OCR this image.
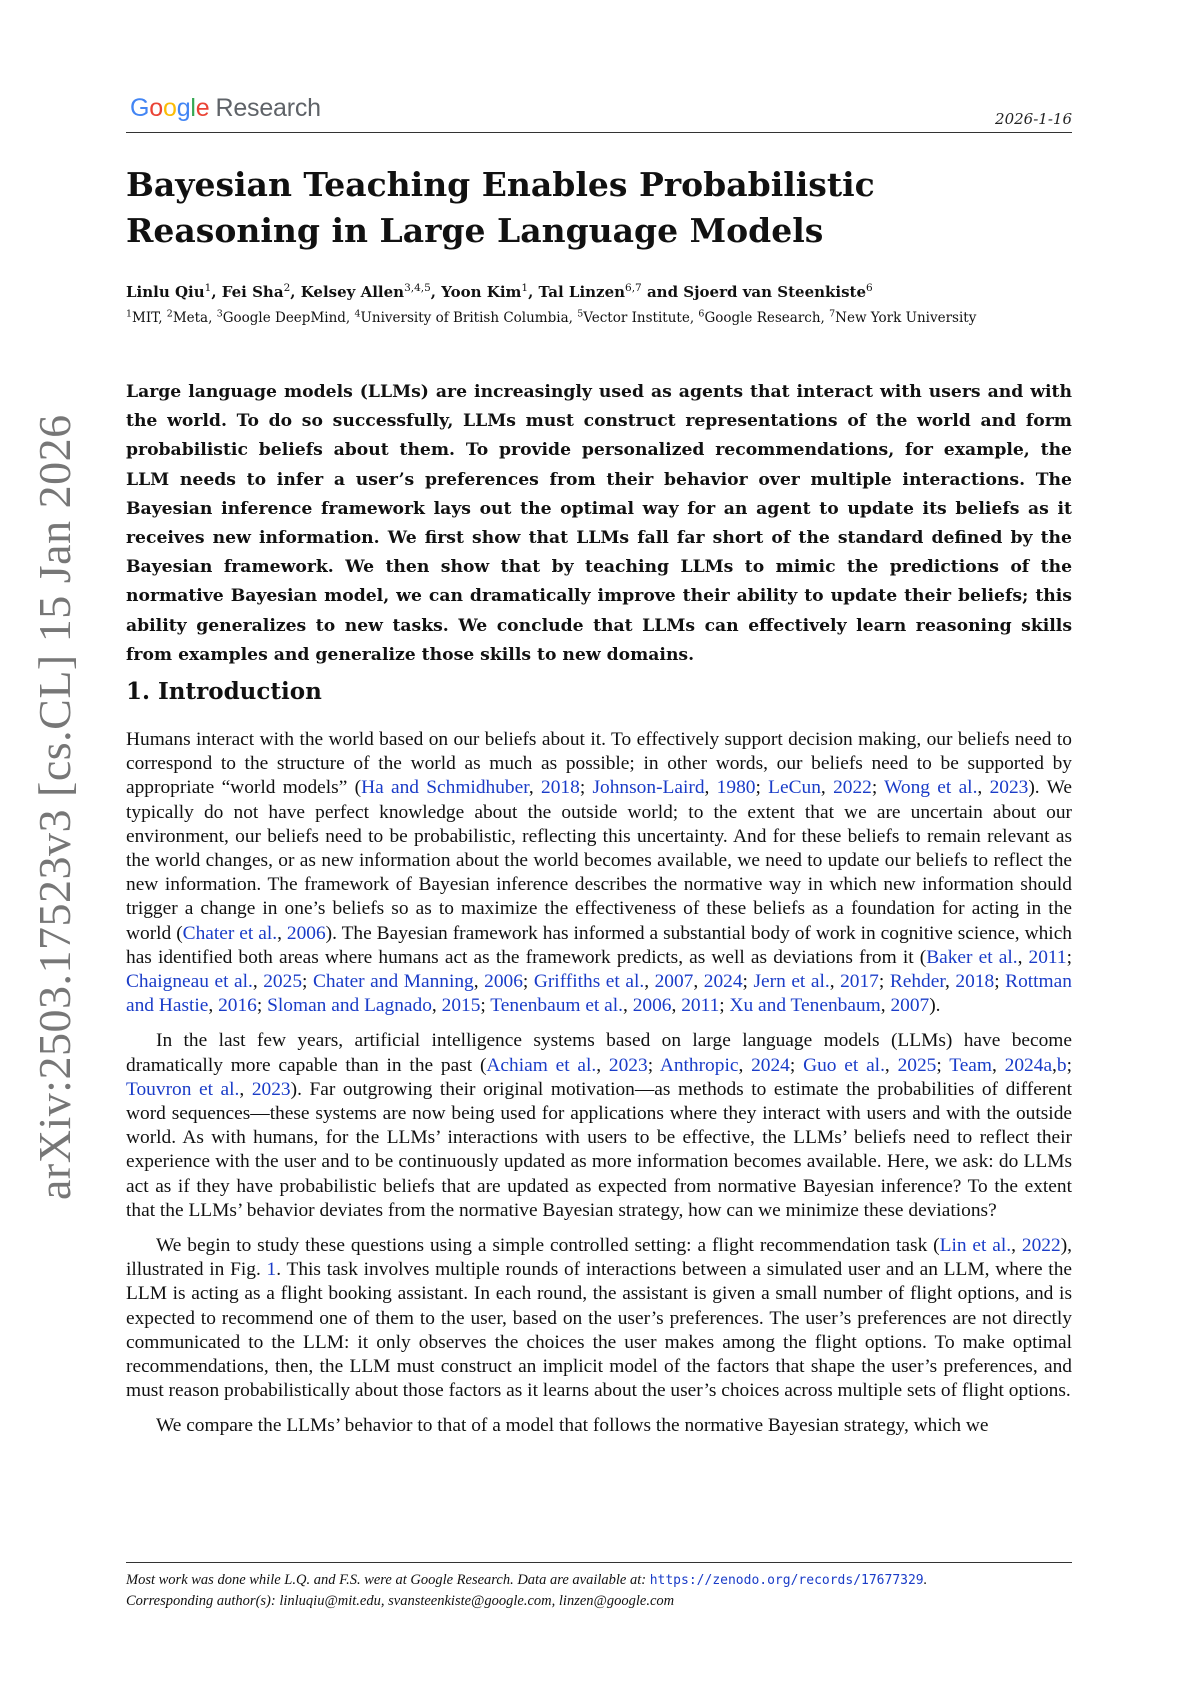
Google Research	2026-1-16
arXiv:2503.17523v3 [cs.CL] 15 Jan 2026
Bayesian Teaching Enables Probabilistic Reasoning in Large Language Models
Linlu Qiu$^1$, Fei Sha$^2$, Kelsey Allen$^{3,4,5}$, Yoon Kim$^1$, Tal Linzen$^{6,7}$ and Sjoerd van Steenkiste$^6$
$^1$MIT, $^2$Meta, $^3$Google DeepMind, $^4$University of British Columbia, $^5$Vector Institute, $^6$Google Research, $^7$New York University

Large language models (LLMs) are increasingly used as agents that interact with users and with the world. To do so successfully, LLMs must construct representations of the world and form probabilistic beliefs about them. To provide personalized recommendations, for example, the LLM needs to infer a user’s preferences from their behavior over multiple interactions. The Bayesian inference framework lays out the optimal way for an agent to update its beliefs as it receives new information. We first show that LLMs fall far short of the standard defined by the Bayesian framework. We then show that by teaching LLMs to mimic the predictions of the normative Bayesian model, we can dramatically improve their ability to update their beliefs; this ability generalizes to new tasks. We conclude that LLMs can effectively learn reasoning skills from examples and generalize those skills to new domains.

1. Introduction

Humans interact with the world based on our beliefs about it. To effectively support decision making, our beliefs need to correspond to the structure of the world as much as possible; in other words, our beliefs need to be supported by appropriate “world models” (Ha and Schmidhuber, 2018; Johnson-Laird, 1980; LeCun, 2022; Wong et al., 2023). We typically do not have perfect knowledge about the outside world; to the extent that we are uncertain about our environment, our beliefs need to be probabilistic, reflecting this uncertainty. And for these beliefs to remain relevant as the world changes, or as new information about the world becomes available, we need to update our beliefs to reflect the new information. The framework of Bayesian inference describes the normative way in which new information should trigger a change in one’s beliefs so as to maximize the effectiveness of these beliefs as a foundation for acting in the world (Chater et al., 2006). The Bayesian framework has informed a substantial body of work in cognitive science, which has identified both areas where humans act as the framework predicts, as well as deviations from it (Baker et al., 2011; Chaigneau et al., 2025; Chater and Manning, 2006; Griffiths et al., 2007, 2024; Jern et al., 2017; Rehder, 2018; Rottman and Hastie, 2016; Sloman and Lagnado, 2015; Tenenbaum et al., 2006, 2011; Xu and Tenenbaum, 2007).

In the last few years, artificial intelligence systems based on large language models (LLMs) have become dramatically more capable than in the past (Achiam et al., 2023; Anthropic, 2024; Guo et al., 2025; Team, 2024a,b; Touvron et al., 2023). Far outgrowing their original motivation—as methods to estimate the probabilities of different word sequences—these systems are now being used for applications where they interact with users and with the outside world. As with humans, for the LLMs’ interactions with users to be effective, the LLMs’ beliefs need to reflect their experience with the user and to be continuously updated as more information becomes available. Here, we ask: do LLMs act as if they have probabilistic beliefs that are updated as expected from normative Bayesian inference? To the extent that the LLMs’ behavior deviates from the normative Bayesian strategy, how can we minimize these deviations?

We begin to study these questions using a simple controlled setting: a flight recommendation task (Lin et al., 2022), illustrated in Fig. 1. This task involves multiple rounds of interactions between a simulated user and an LLM, where the LLM is acting as a flight booking assistant. In each round, the assistant is given a small number of flight options, and is expected to recommend one of them to the user, based on the user’s preferences. The user’s preferences are not directly communicated to the LLM: it only observes the choices the user makes among the flight options. To make optimal recommendations, then, the LLM must construct an implicit model of the factors that shape the user’s preferences, and must reason probabilistically about those factors as it learns about the user’s choices across multiple sets of flight options.

We compare the LLMs’ behavior to that of a model that follows the normative Bayesian strategy, which we

Most work was done while L.Q. and F.S. were at Google Research. Data are available at: https://zenodo.org/records/17677329.
Corresponding author(s): linluqiu@mit.edu, svansteenkiste@google.com, linzen@google.com
